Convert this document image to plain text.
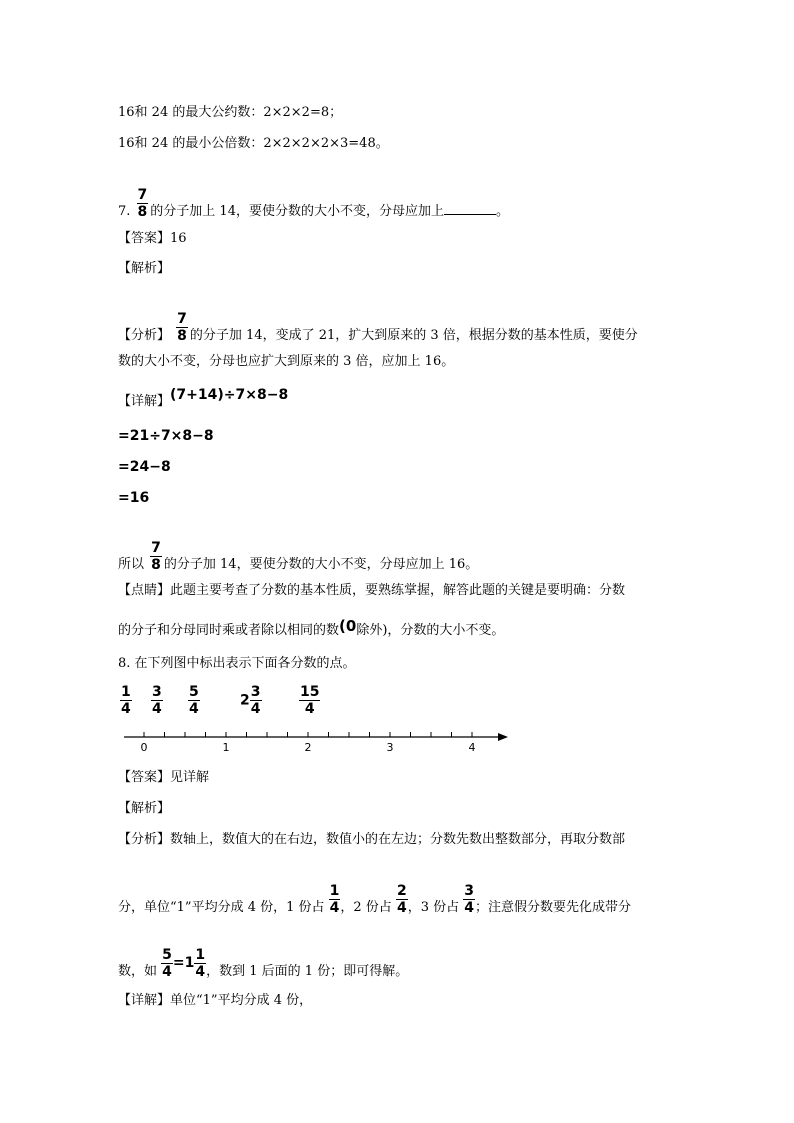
16和 24 的最大公约数：2×2×2=8；
16和 24 的最小公倍数：2×2×2×2×3=48。
7. $\frac{7}{8}$ 的分子加上 14，要使分数的大小不变，分母应加上	。
【答案】16
【解析】
【分析】 $\frac{7}{8}$ 的分子加 14，变成了 21，扩大到原来的 3 倍，根据分数的基本性质，要使分
数的大小不变，分母也应扩大到原来的 3 倍，应加上 16。
【详解】(7+14)÷7×8−8
=21÷7×8−8
=24−8
=16
所以 $\frac{7}{8}$ 的分子加 14，要使分数的大小不变，分母应加上 16。
【点睛】此题主要考查了分数的基本性质，要熟练掌握，解答此题的关键是要明确：分数
的分子和分母同时乘或者除以相同的数(0除外)，分数的大小不变。
8. 在下列图中标出表示下面各分数的点。
$\frac{1}{4} \frac{3}{4} \frac{5}{4}$	$2 \frac{3}{4}$	$\frac{15}{4}$
0	1	2	3	4
【答案】见详解
【解析】
【分析】数轴上，数值大的在右边，数值小的在左边；分数先数出整数部分，再取分数部
分，单位“1”平均分成 4 份，1 份占 $\frac{1}{4}$ ，2 份占 $\frac{2}{4}$ ，3 份占 $\frac{3}{4}$ ；注意假分数要先化成带分
数，如 $\frac{5}{4} =1 \frac{1}{4}$ ，数到 1 后面的 1 份；即可得解。
【详解】单位“1”平均分成 4 份，
